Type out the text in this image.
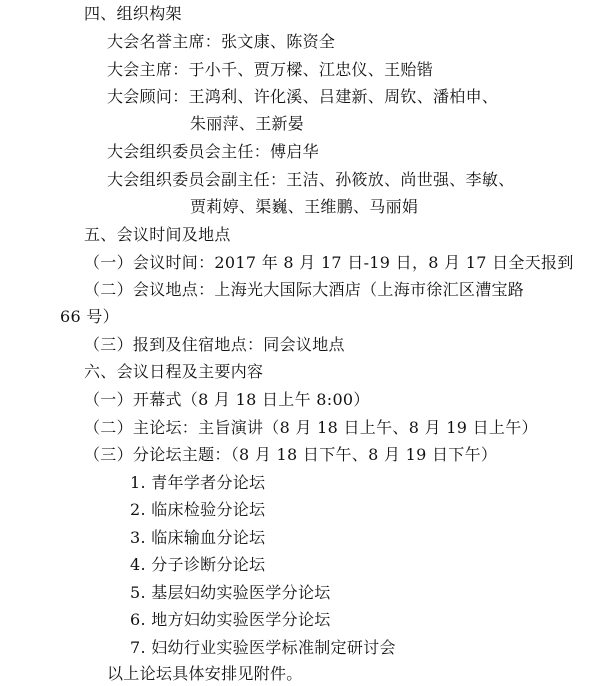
四、组织构架
大会名誉主席：张文康、陈资全
大会主席：于小千、贾万樑、江忠仪、王贻锴
大会顾问：王鸿利、许化溪、吕建新、周钦、潘柏申、
朱丽萍、王新晏
大会组织委员会主任：傅启华
大会组织委员会副主任：王洁、孙筱放、尚世强、李敏、
贾莉婷、渠巍、王维鹏、马丽娟
五、会议时间及地点
（一）会议时间：2017 年 8 月 17 日-19 日，8 月 17 日全天报到
（二）会议地点：上海光大国际大酒店（上海市徐汇区漕宝路
66 号）
（三）报到及住宿地点：同会议地点
六、会议日程及主要内容
（一）开幕式（8 月 18 日上午 8:00）
（二）主论坛：主旨演讲（8 月 18 日上午、8 月 19 日上午）
（三）分论坛主题：（8 月 18 日下午、8 月 19 日下午）
1. 青年学者分论坛
2. 临床检验分论坛
3. 临床输血分论坛
4. 分子诊断分论坛
5. 基层妇幼实验医学分论坛
6. 地方妇幼实验医学分论坛
7. 妇幼行业实验医学标准制定研讨会
以上论坛具体安排见附件。
